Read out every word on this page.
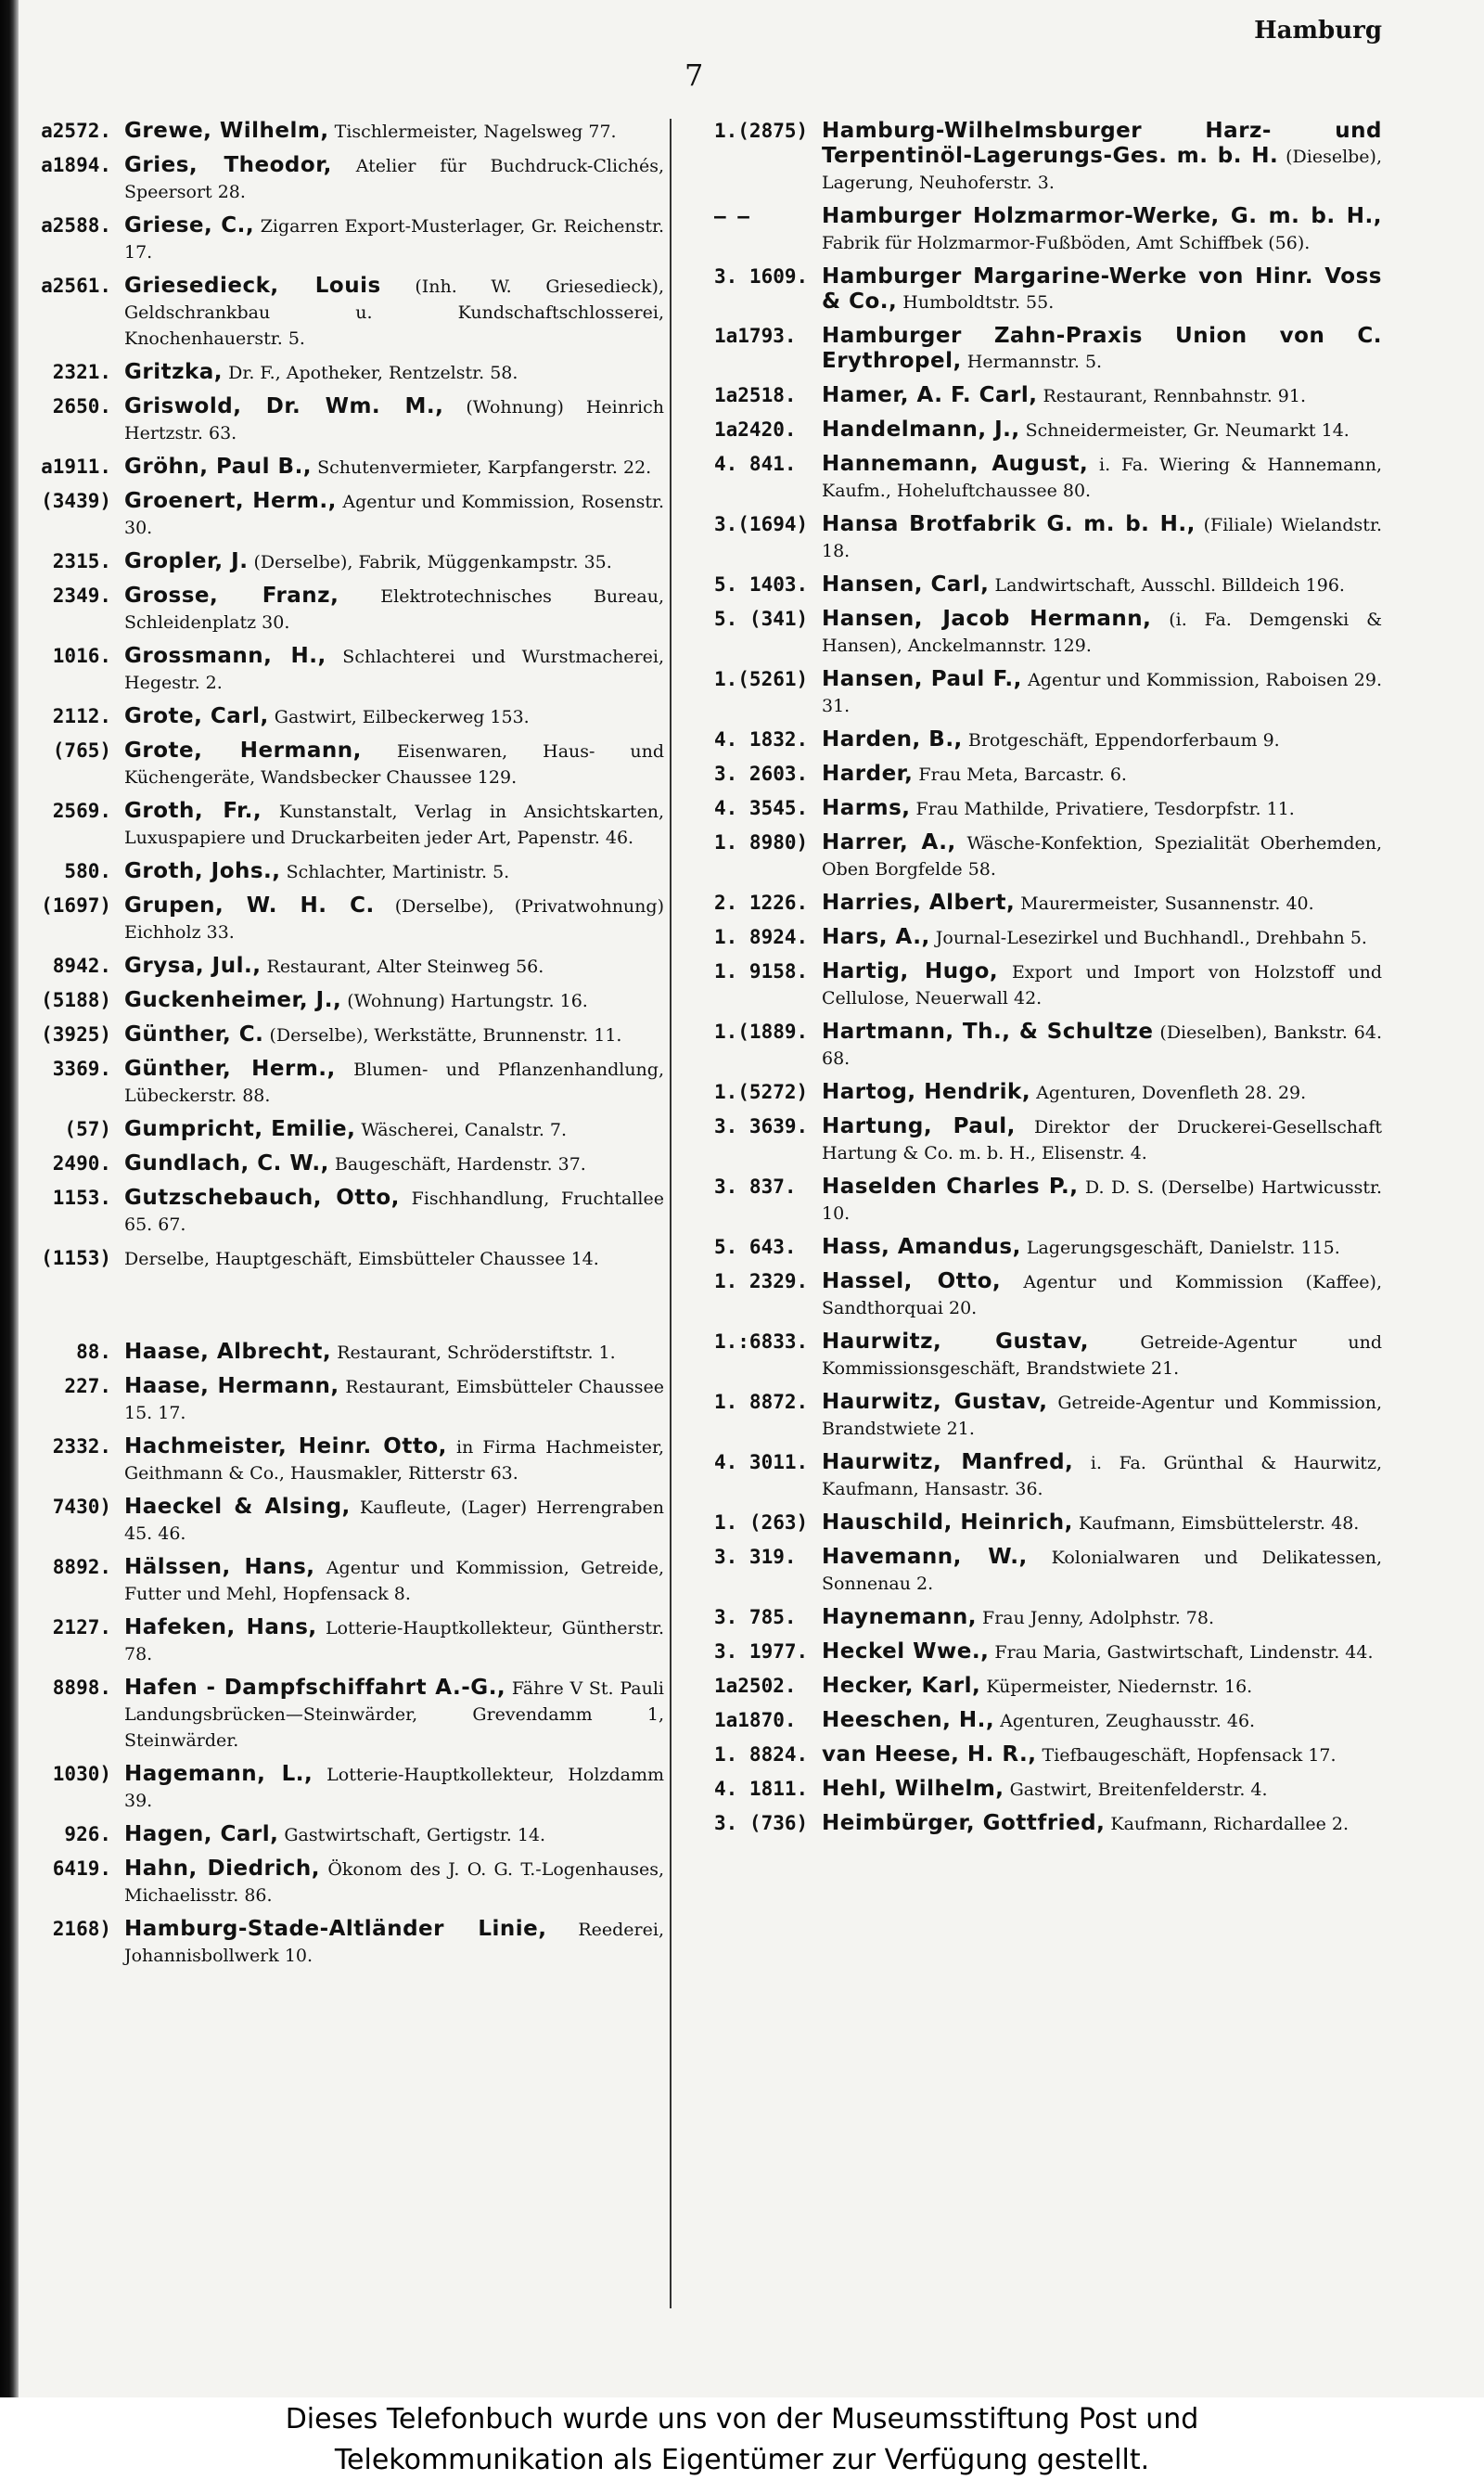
Hamburg
7
a2572. Grewe, Wilhelm, Tischlermeister, Nagelsweg 77.
a1894. Gries, Theodor, Atelier für Buchdruck-Clichés, Speersort 28.
a2588. Griese, C., Zigarren Export-Musterlager, Gr. Reichenstr. 17.
a2561. Griesedieck, Louis (Inh. W. Griesedieck), Geldschrankbau u. Kundschaftschlosserei, Knochenhauerstr. 5.
2321. Gritzka, Dr. F., Apotheker, Rentzelstr. 58.
2650. Griswold, Dr. Wm. M., (Wohnung) Heinrich Hertzstr. 63.
a1911. Gröhn, Paul B., Schutenvermieter, Karpfangerstr. 22.
(3439) Groenert, Herm., Agentur und Kommission, Rosenstr. 30.
2315. Gropler, J. (Derselbe), Fabrik, Müggenkampstr. 35.
2349. Grosse, Franz, Elektrotechnisches Bureau, Schleidenplatz 30.
1016. Grossmann, H., Schlachterei und Wurstmacherei, Hegestr. 2.
2112. Grote, Carl, Gastwirt, Eilbeckerweg 153.
(765) Grote, Hermann, Eisenwaren, Haus- und Küchengeräte, Wandsbecker Chaussee 129.
2569. Groth, Fr., Kunstanstalt, Verlag in Ansichtskarten, Luxuspapiere und Druckarbeiten jeder Art, Papenstr. 46.
580. Groth, Johs., Schlachter, Martinistr. 5.
(1697) Grupen, W. H. C. (Derselbe), (Privatwohnung) Eichholz 33.
8942. Grysa, Jul., Restaurant, Alter Steinweg 56.
(5188) Guckenheimer, J., (Wohnung) Hartungstr. 16.
(3925) Günther, C. (Derselbe), Werkstätte, Brunnenstr. 11.
3369. Günther, Herm., Blumen- und Pflanzenhandlung, Lübeckerstr. 88.
(57) Gumpricht, Emilie, Wäscherei, Canalstr. 7.
2490. Gundlach, C. W., Baugeschäft, Hardenstr. 37.
1153. Gutzschebauch, Otto, Fischhandlung, Fruchtallee 65. 67.
(1153) Derselbe, Hauptgeschäft, Eimsbütteler Chaussee 14.
88. Haase, Albrecht, Restaurant, Schröderstiftstr. 1.
227. Haase, Hermann, Restaurant, Eimsbütteler Chaussee 15. 17.
2332. Hachmeister, Heinr. Otto, in Firma Hachmeister, Geithmann & Co., Hausmakler, Ritterstr 63.
7430) Haeckel & Alsing, Kaufleute, (Lager) Herrengraben 45. 46.
8892. Hälssen, Hans, Agentur und Kommission, Getreide, Futter und Mehl, Hopfensack 8.
2127. Hafeken, Hans, Lotterie-Hauptkollekteur, Güntherstr. 78.
8898. Hafen - Dampfschiffahrt A.-G., Fähre V St. Pauli Landungsbrücken—Steinwärder, Grevendamm 1, Steinwärder.
1030) Hagemann, L., Lotterie-Hauptkollekteur, Holzdamm 39.
926. Hagen, Carl, Gastwirtschaft, Gertigstr. 14.
6419. Hahn, Diedrich, Ökonom des J. O. G. T.-Logenhauses, Michaelisstr. 86.
2168) Hamburg-Stade-Altländer Linie, Reederei, Johannisbollwerk 10.
1.(2875) Hamburg-Wilhelmsburger Harz- und Terpentinöl-Lagerungs-Ges. m. b. H. (Dieselbe), Lagerung, Neuhoferstr. 3.
— —	Hamburger Holzmarmor-Werke, G. m. b. H., Fabrik für Holzmarmor-Fußböden, Amt Schiffbek (56).
3. 1609. Hamburger Margarine-Werke von Hinr. Voss & Co., Humboldtstr. 55.
1a1793.	Hamburger Zahn-Praxis Union von C. Erythropel, Hermannstr. 5.
1a2518.	Hamer, A. F. Carl, Restaurant, Rennbahnstr. 91.
1a2420.	Handelmann, J., Schneidermeister, Gr. Neumarkt 14.
4. 841.	Hannemann, August, i. Fa. Wiering & Hannemann, Kaufm., Hoheluftchaussee 80.
3.(1694) Hansa Brotfabrik G. m. b. H., (Filiale) Wielandstr. 18.
5. 1403. Hansen, Carl, Landwirtschaft, Ausschl. Billdeich 196.
5. (341) Hansen, Jacob Hermann, (i. Fa. Demgenski & Hansen), Anckelmannstr. 129.
1.(5261) Hansen, Paul F., Agentur und Kommission, Raboisen 29. 31.
4. 1832. Harden, B., Brotgeschäft, Eppendorferbaum 9.
3. 2603. Harder, Frau Meta, Barcastr. 6.
4. 3545. Harms, Frau Mathilde, Privatiere, Tesdorpfstr. 11.
1. 8980) Harrer, A., Wäsche-Konfektion, Spezialität Oberhemden, Oben Borgfelde 58.
2. 1226. Harries, Albert, Maurermeister, Susannenstr. 40.
1. 8924. Hars, A., Journal-Lesezirkel und Buchhandl., Drehbahn 5.
1. 9158. Hartig, Hugo, Export und Import von Holzstoff und Cellulose, Neuerwall 42.
1.(1889. Hartmann, Th., & Schultze (Dieselben), Bankstr. 64. 68.
1.(5272) Hartog, Hendrik, Agenturen, Dovenfleth 28. 29.
3. 3639. Hartung, Paul, Direktor der Druckerei-Gesellschaft Hartung & Co. m. b. H., Elisenstr. 4.
3. 837.	Haselden Charles P., D. D. S. (Derselbe) Hartwicusstr. 10.
5. 643.	Hass, Amandus, Lagerungsgeschäft, Danielstr. 115.
1. 2329. Hassel, Otto, Agentur und Kommission (Kaffee), Sandthorquai 20.
1.:6833. Haurwitz, Gustav, Getreide-Agentur und Kommissionsgeschäft, Brandstwiete 21.
1. 8872. Haurwitz, Gustav, Getreide-Agentur und Kommission, Brandstwiete 21.
4. 3011. Haurwitz, Manfred, i. Fa. Grünthal & Haurwitz, Kaufmann, Hansastr. 36.
1. (263) Hauschild, Heinrich, Kaufmann, Eimsbüttelerstr. 48.
3. 319.	Havemann, W., Kolonialwaren und Delikatessen, Sonnenau 2.
3. 785.	Haynemann, Frau Jenny, Adolphstr. 78.
3. 1977. Heckel Wwe., Frau Maria, Gastwirtschaft, Lindenstr. 44.
1a2502.	Hecker, Karl, Küpermeister, Niedernstr. 16.
1a1870.	Heeschen, H., Agenturen, Zeughausstr. 46.
1. 8824. van Heese, H. R., Tiefbaugeschäft, Hopfensack 17.
4. 1811. Hehl, Wilhelm, Gastwirt, Breitenfelderstr. 4.
3. (736) Heimbürger, Gottfried, Kaufmann, Richardallee 2.
Dieses Telefonbuch wurde uns von der Museumsstiftung Post und
Telekommunikation als Eigentümer zur Verfügung gestellt.
